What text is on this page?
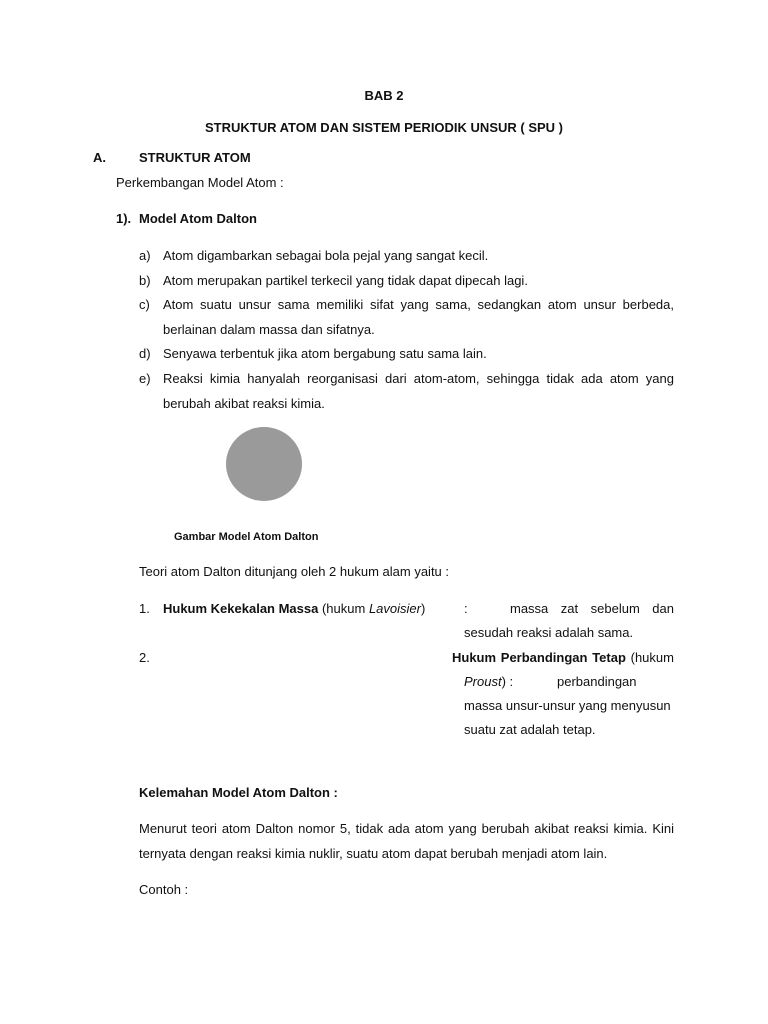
BAB 2
STRUKTUR ATOM DAN SISTEM PERIODIK UNSUR ( SPU )
A.	STRUKTUR ATOM
Perkembangan Model Atom :
1). Model Atom Dalton
a) Atom digambarkan sebagai bola pejal yang sangat kecil.
b) Atom merupakan partikel terkecil yang tidak dapat dipecah lagi.
c) Atom suatu unsur sama memiliki sifat yang sama, sedangkan atom unsur berbeda, berlainan dalam massa dan sifatnya.
d) Senyawa terbentuk jika atom bergabung satu sama lain.
e) Reaksi kimia hanyalah reorganisasi dari atom-atom, sehingga tidak ada atom yang berubah akibat reaksi kimia.
Gambar Model Atom Dalton
Teori atom Dalton ditunjang oleh 2 hukum alam yaitu :
1. Hukum Kekekalan Massa (hukum Lavoisier)	:	massa zat sebelum dan
sesudah reaksi adalah sama.
2.	Hukum Perbandingan Tetap (hukum
Proust) :	perbandingan
massa unsur-unsur yang menyusun
suatu zat adalah tetap.
Kelemahan Model Atom Dalton :
Menurut teori atom Dalton nomor 5, tidak ada atom yang berubah akibat reaksi kimia. Kini ternyata dengan reaksi kimia nuklir, suatu atom dapat berubah menjadi atom lain.
Contoh :
